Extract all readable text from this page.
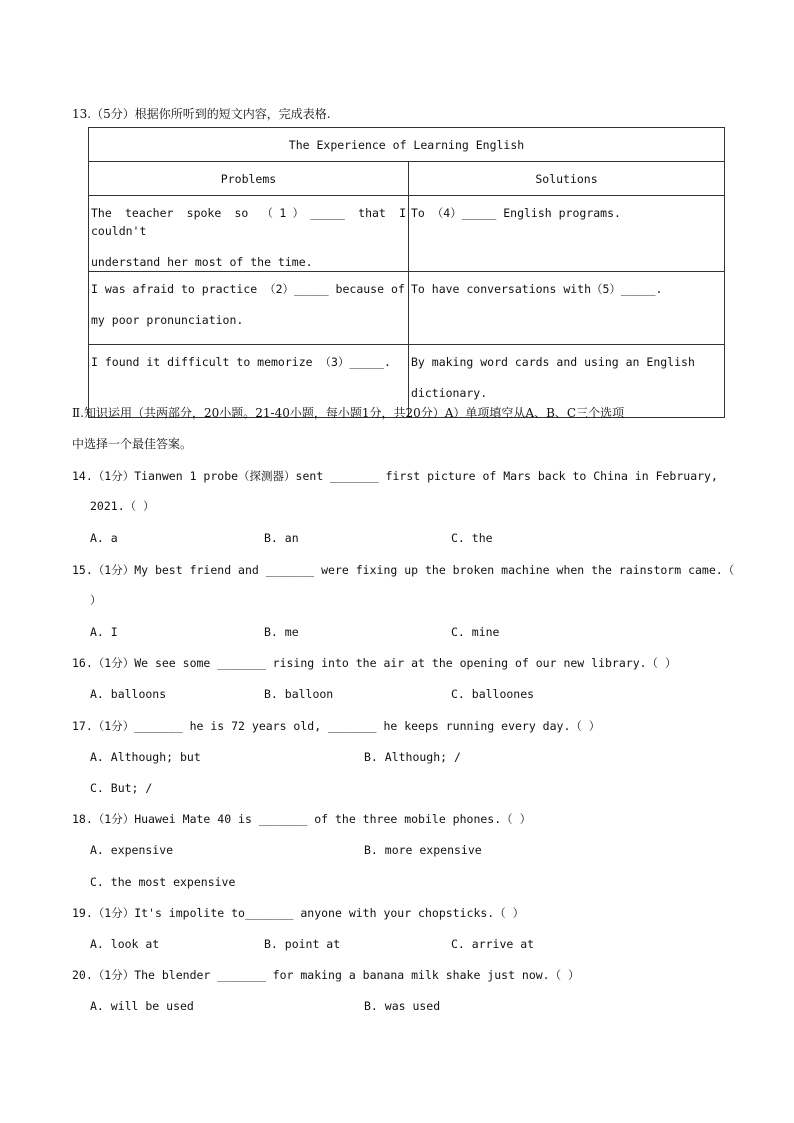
13.（5分）根据你所听到的短文内容，完成表格.
The Experience of Learning English	
Problems	Solutions

The teacher spoke so （1）_____ that I couldn't
understand her most of the time.	To （4）_____ English programs.

I was afraid to practice （2）_____ because of
my poor pronunciation.	To have conversations with（5）_____.

I found it difficult to memorize （3）_____.	By making word cards and using an English
dictionary.
Ⅱ.知识运用（共两部分，20小题。21-40小题，每小题1分，共20分）A）单项填空从A、B、C三个选项
中选择一个最佳答案。
14.（1分）Tianwen 1 probe（探测器）sent _______ first picture of Mars back to China in February,
2021.（ ）
A. a	B. an	C. the
15.（1分）My best friend and _______ were fixing up the broken machine when the rainstorm came.（
）
A. I	B. me	C. mine
16.（1分）We see some _______ rising into the air at the opening of our new library.（ ）
A. balloons	B. balloon	C. balloones
17.（1分）_______ he is 72 years old, _______ he keeps running every day.（ ）
A. Although; but	B. Although; /
C. But; /
18.（1分）Huawei Mate 40 is _______ of the three mobile phones.（ ）
A. expensive	B. more expensive
C. the most expensive
19.（1分）It's impolite to_______ anyone with your chopsticks.（ ）
A. look at	B. point at	C. arrive at
20.（1分）The blender _______ for making a banana milk shake just now.（ ）
A. will be used	B. was used
